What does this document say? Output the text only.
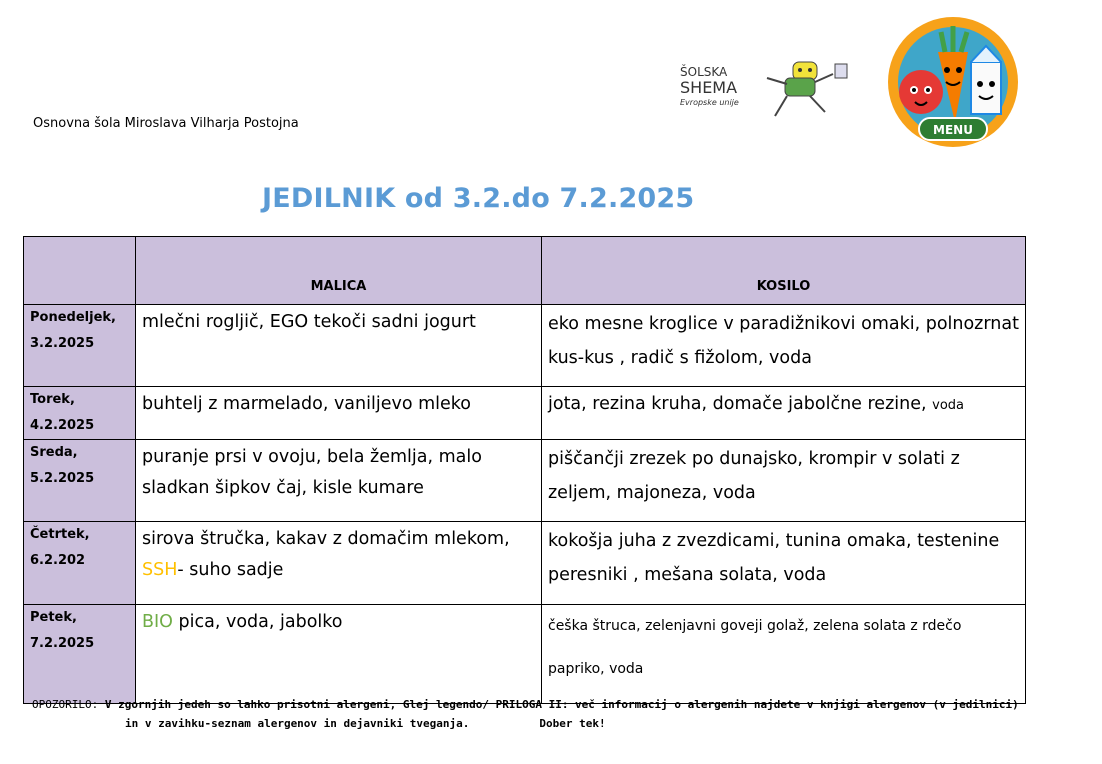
Osnovna šola Miroslava Vilharja Postojna
ŠOLSKA
SHEMA
Evropske unije
MENU
JEDILNIK od 3.2.do 7.2.2025
	MALICA	KOSILO

Ponedeljek,
3.2.2025	mlečni rogljič, EGO tekoči sadni jogurt	eko mesne kroglice v paradižnikovi omaki, polnozrnat kus-kus , radič s fižolom, voda

Torek,
4.2.2025	buhtelj z marmelado, vaniljevo mleko	jota, rezina kruha, domače jabolčne rezine, voda

Sreda,
5.2.2025	puranje prsi v ovoju, bela žemlja, malo sladkan šipkov čaj, kisle kumare	piščančji zrezek po dunajsko, krompir v solati z zeljem, majoneza, voda

Četrtek,
6.2.202	sirova štručka, kakav z domačim mlekom, SSH- suho sadje	kokošja juha z zvezdicami, tunina omaka, testenine peresniki , mešana solata, voda

Petek,
7.2.2025	BIO pica, voda, jabolko	češka štruca, zelenjavni goveji golaž, zelena solata z rdečo papriko, voda
OPOZORILO: V zgornjih jedeh so lahko prisotni alergeni, Glej legendo/ PRILOGA II: več informacij o alergenih najdete v knjigi alergenov (v jedilnici)
in v zavihku-seznam alergenov in dejavniki tveganja.	Dober tek!
